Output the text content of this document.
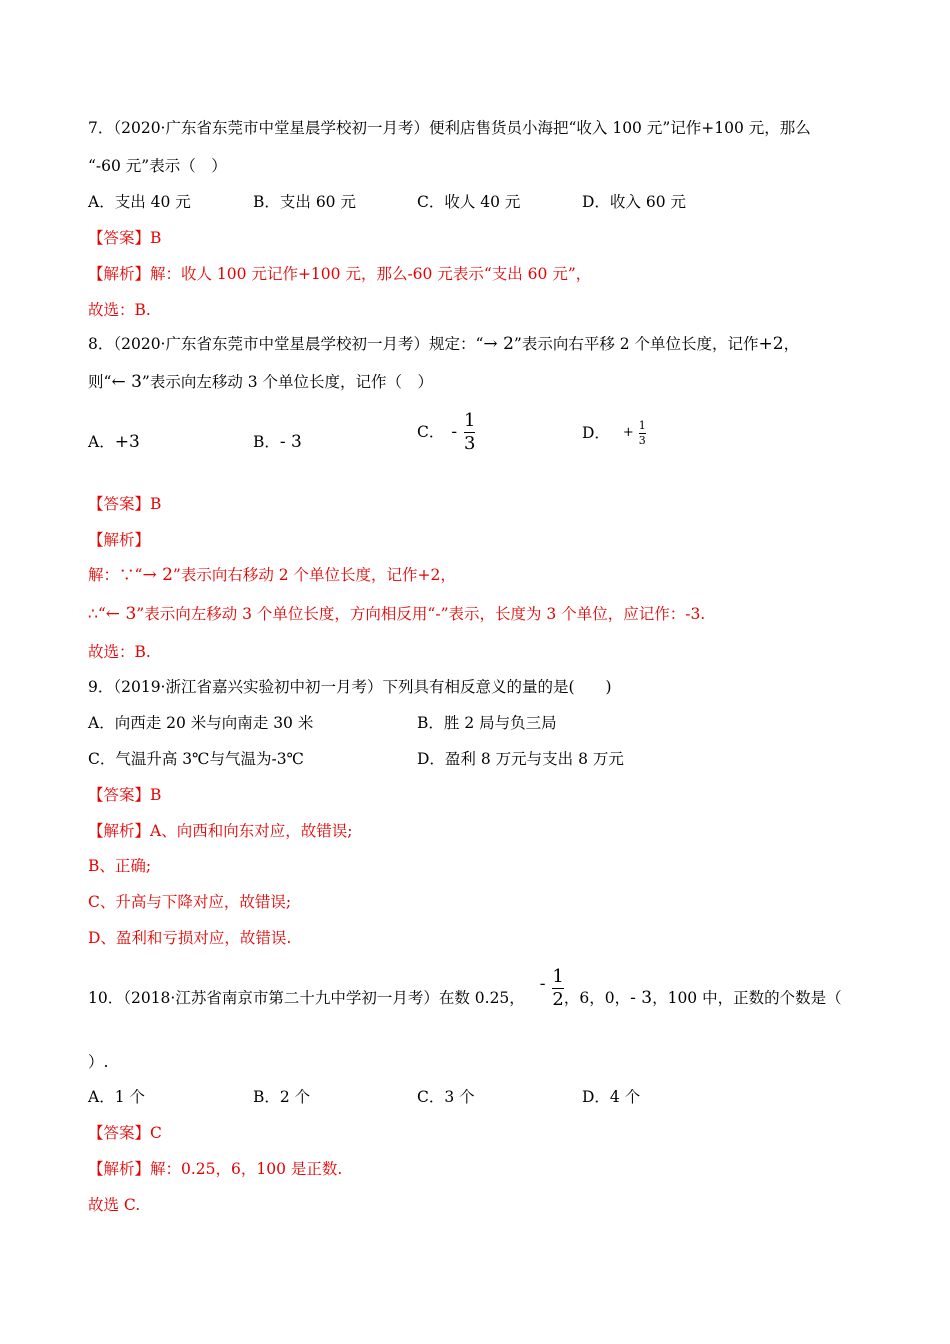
7．（2020·广东省东莞市中堂星晨学校初一月考）便利店售货员小海把“收入 100 元”记作+100 元，那么
“-60 元”表示（　）
A．支出 40 元	B．支出 60 元	C．收人 40 元	D．收入 60 元
【答案】B
【解析】解：收人 100 元记作+100 元，那么-60 元表示“支出 60 元”，
故选：B.
8．（2020·广东省东莞市中堂星晨学校初一月考）规定：“→ 2”表示向右平移 2 个单位长度，记作+2，
则“← 3”表示向左移动 3 个单位长度，记作（　）
A．+3	B．- 3	C． - $\frac{1}{3}$	D． + $\frac{1}{3}$
【答案】B
【解析】
解：∵“→ 2”表示向右移动 2 个单位长度，记作+2，
∴“← 3”表示向左移动 3 个单位长度，方向相反用“-”表示，长度为 3 个单位，应记作：-3.
故选：B.
9．（2019·浙江省嘉兴实验初中初一月考）下列具有相反意义的量的是(　　)
A．向西走 20 米与向南走 30 米	B．胜 2 局与负三局
C．气温升高 3℃与气温为-3℃	D．盈利 8 万元与支出 8 万元
【答案】B
【解析】A、向西和向东对应，故错误;
B、正确;
C、升高与下降对应，故错误;
D、盈利和亏损对应，故错误.
10．（2018·江苏省南京市第二十九中学初一月考）在数 0.25， - $\frac{1}{2}$ ，6，0，- 3，100 中，正数的个数是（
）.
A．1 个	B．2 个	C．3 个	D．4 个
【答案】C
【解析】解：0.25，6，100 是正数.
故选 C.
